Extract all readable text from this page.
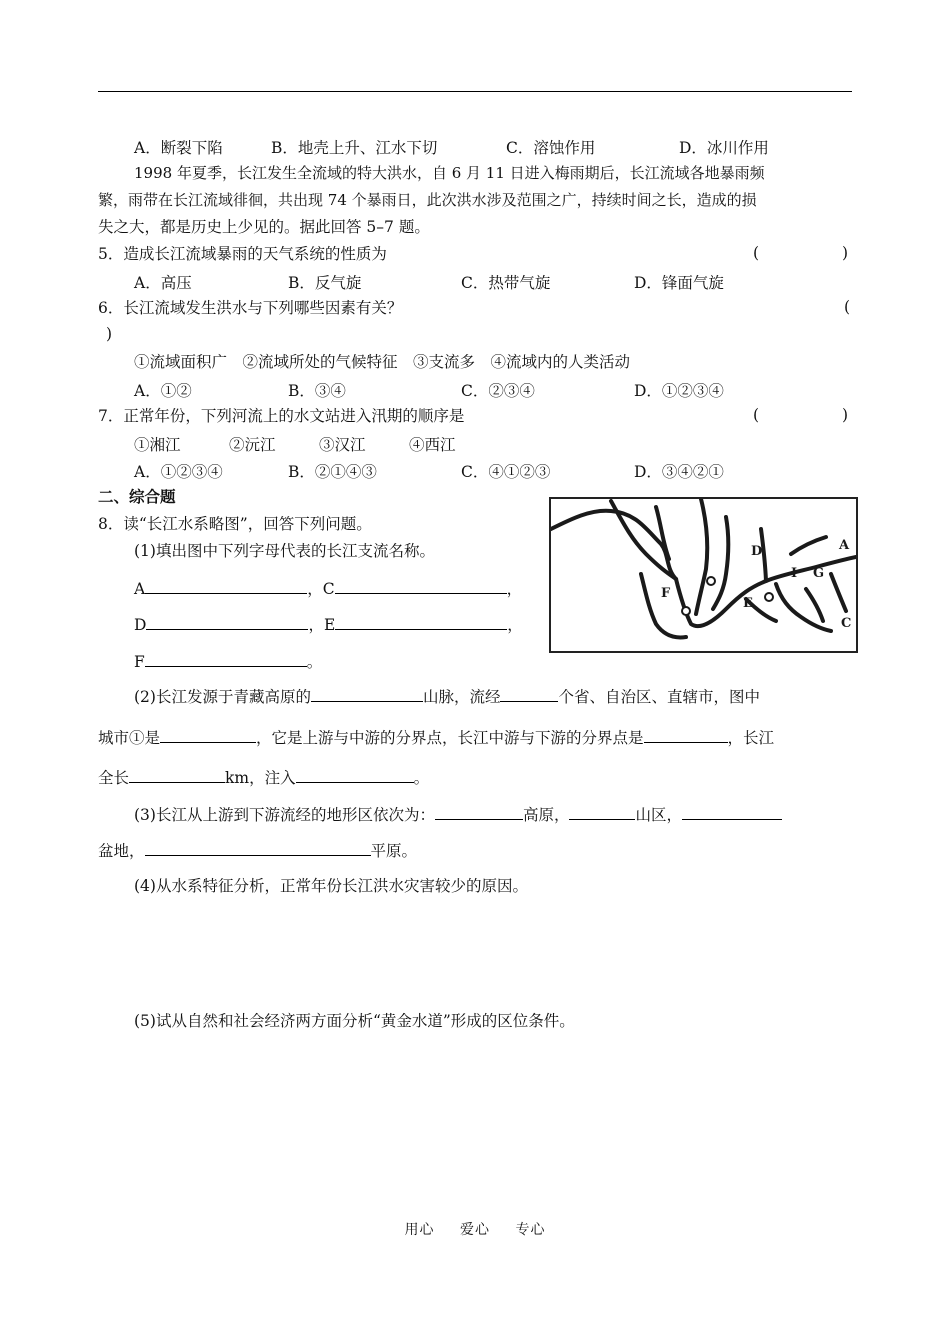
A．断裂下陷	B．地壳上升、江水下切	C．溶蚀作用	D．冰川作用
1998 年夏季，长江发生全流域的特大洪水，自 6 月 11 日进入梅雨期后，长江流域各地暴雨频
繁，雨带在长江流域徘徊，共出现 74 个暴雨日，此次洪水涉及范围之广，持续时间之长，造成的损
失之大，都是历史上少见的。据此回答 5–7 题。
5．造成长江流域暴雨的天气系统的性质为	(	)
A．高压	B．反气旋	C．热带气旋	D．锋面气旋
6．长江流域发生洪水与下列哪些因素有关？	(
)
①流域面积广　②流域所处的气候特征　③支流多　④流域内的人类活动
A．①②	B．③④	C．②③④	D．①②③④
7．正常年份，下列河流上的水文站进入汛期的顺序是	(	)
①湘江	②沅江	③汉江	④西江
A．①②③④	B．②①④③	C．④①②③	D．③④②①
二、综合题
8．读“长江水系略图”，回答下列问题。
(1)填出图中下列字母代表的长江支流名称。
A	，C	，
D	，E	，
F	。
(2)长江发源于青藏高原的	山脉，流经	个省、自治区、直辖市，图中
城市①是	，它是上游与中游的分界点，长江中游与下游的分界点是	，长江
全长	km，注入	。
(3)长江从上游到下游流经的地形区依次为：	高原，	山区，
盆地，	平原。
(4)从水系特征分析，正常年份长江洪水灾害较少的原因。
(5)试从自然和社会经济两方面分析“黄金水道”形成的区位条件。
D	A
F
E
C
I G
用心 爱心 专心
